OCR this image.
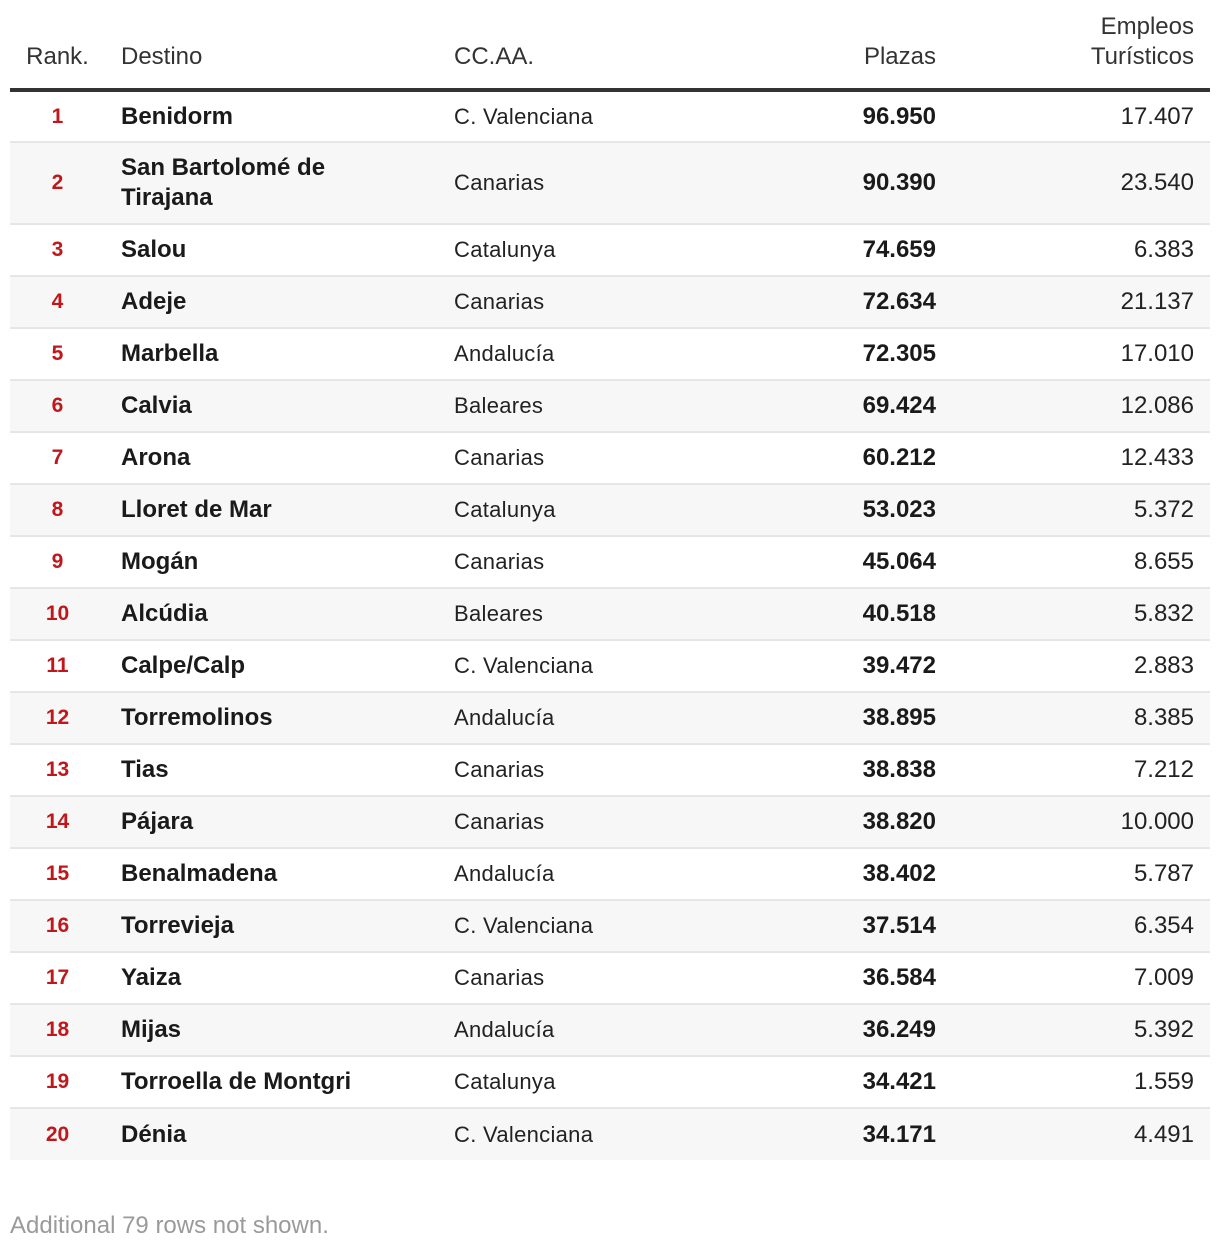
Rank.	Destino	CC.AA.	Plazas	Empleos
Turísticos
1	Benidorm	C. Valenciana	96.950	17.407
2	San Bartolomé de Tirajana	Canarias	90.390	23.540
3	Salou	Catalunya	74.659	6.383
4	Adeje	Canarias	72.634	21.137
5	Marbella	Andalucía	72.305	17.010
6	Calvia	Baleares	69.424	12.086
7	Arona	Canarias	60.212	12.433
8	Lloret de Mar	Catalunya	53.023	5.372
9	Mogán	Canarias	45.064	8.655
10	Alcúdia	Baleares	40.518	5.832
11	Calpe/Calp	C. Valenciana	39.472	2.883
12	Torremolinos	Andalucía	38.895	8.385
13	Tias	Canarias	38.838	7.212
14	Pájara	Canarias	38.820	10.000
15	Benalmadena	Andalucía	38.402	5.787
16	Torrevieja	C. Valenciana	37.514	6.354
17	Yaiza	Canarias	36.584	7.009
18	Mijas	Andalucía	36.249	5.392
19	Torroella de Montgri	Catalunya	34.421	1.559
20	Dénia	C. Valenciana	34.171	4.491
Additional 79 rows not shown.
